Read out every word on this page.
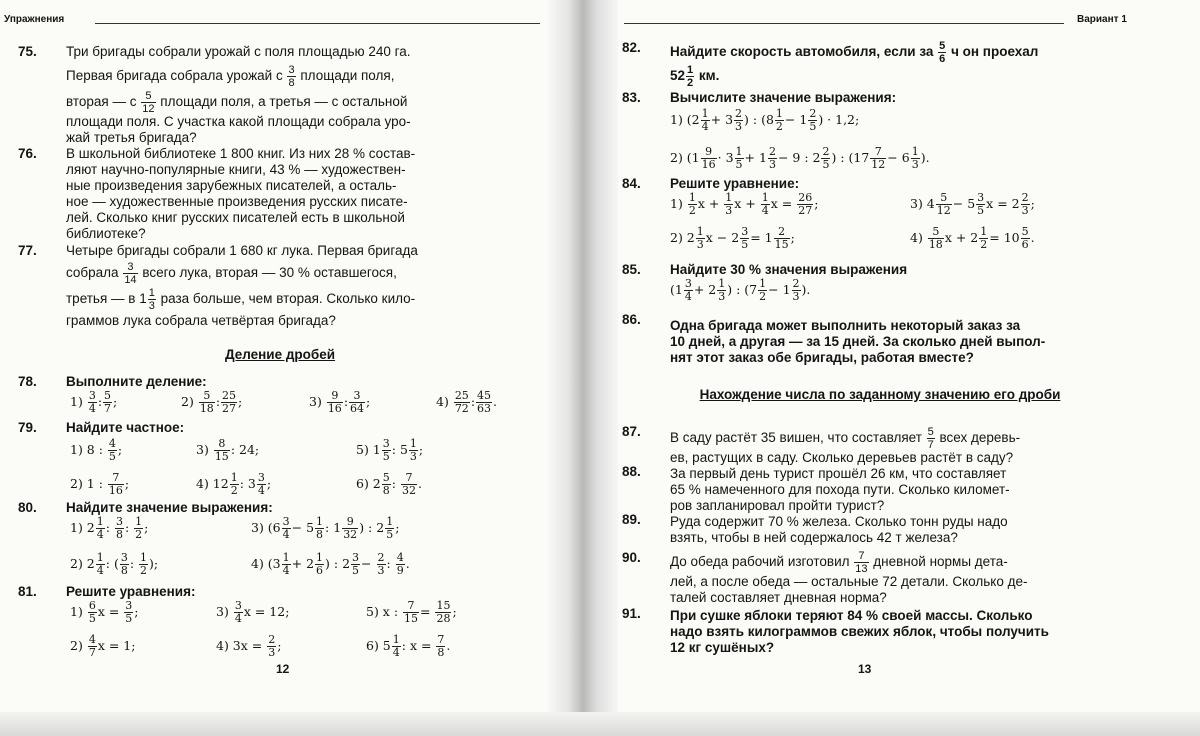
Упражнения
75. Три бригады собрали урожай с поля площадью 240 га.
Первая бригада собрала урожай с $\frac{3}{8}$ площади поля,
вторая — с $\frac{5}{12}$ площади поля, а третья — с остальной
площади поля. С участка какой площади собрала уро-
жай третья бригада?
76. В школьной библиотеке 1 800 книг. Из них 28 % состав-
ляют научно-популярные книги, 43 % — художествен-
ные произведения зарубежных писателей, а осталь-
ное — художественные произведения русских писате-
лей. Сколько книг русских писателей есть в школьной
библиотеке?
77. Четыре бригады собрали 1 680 кг лука. Первая бригада
собрала $\frac{3}{14}$ всего лука, вторая — 30 % оставшегося,
третья — в $1 \frac{1}{3}$ раза больше, чем вторая. Сколько кило-
граммов лука собрала четвёртая бригада?
Деление дробей
78. Выполните деление:
$1) \frac{3}{4}$ : $\frac{5}{7}$ ;	$2) \frac{5}{18}$ : $\frac{25}{27}$ ;	$3) \frac{9}{16}$ : $\frac{3}{64}$ ;	$4) \frac{25}{72}$ : $\frac{45}{63}$ .
79. Найдите частное:
1) 8 : $\frac{4}{5}$ ;	$3) \frac{8}{15}$ : 24;	5) $1 \frac{3}{5}$ : $5 \frac{1}{3}$ ;
2) 1 : $\frac{7}{16}$ ;	4) $12 \frac{1}{2}$ : $3 \frac{3}{4}$ ;	6) $2 \frac{5}{8}$ : $\frac{7}{32}$ .
80. Найдите значение выражения:
1) $2 \frac{1}{4}$ : $\frac{3}{8}$ : $\frac{1}{2}$ ;	3) ($6 \frac{3}{4} - 5 \frac{1}{8}$ : $1 \frac{9}{32}$ ) : $2 \frac{1}{5}$ ;
2) $2 \frac{1}{4}$ : ( $\frac{3}{8}$ : $\frac{1}{2}$ );	4) ($3 \frac{1}{4} + 2 \frac{1}{6}$ ) : $2 \frac{3}{5} - \frac{2}{3}$ : $\frac{4}{9}$ .
81. Решите уравнения:
$1) \frac{6}{5}$ $x = \frac{3}{5}$ ;	$3) \frac{3}{4}$ x = 12;	5) x : $\frac{7}{15} = \frac{15}{28}$ ;
$2) \frac{4}{7}$ x = 1;	4) $3x = \frac{2}{3}$ ;	6) $5 \frac{1}{4}$ : $x = \frac{7}{8}$ .
12
Вариант 1
82. Найдите скорость автомобиля, если за $\frac{5}{6}$ ч он проехал
$52 \frac{1}{2}$ км.
83. Вычислите значение выражения:
1) ($2 \frac{1}{4} + 3 \frac{2}{3}$ ) : ($8 \frac{1}{2} - 1 \frac{2}{5}$ ) · 1,2;
2) ($1 \frac{9}{16} \cdot 3 \frac{1}{5} + 1 \frac{2}{3} - 9$ : $2 \frac{2}{5}$ ) : ($17 \frac{7}{12} - 6 \frac{1}{3}$ ).
84. Решите уравнение:
$1) \frac{1}{2}$ $x + \frac{1}{3}$ $x + \frac{1}{4}$ $x = \frac{26}{27}$ ;	3) $4 \frac{5}{12} - 5 \frac{3}{5}$ $x = 2 \frac{2}{3}$ ;
2) $2 \frac{1}{3}$ $x - 2 \frac{3}{5} = 1 \frac{2}{15}$ ;	$4) \frac{5}{18}$ $x + 2 \frac{1}{2} = 10 \frac{5}{6}$ .
85. Найдите 30 % значения выражения
($1 \frac{3}{4} + 2 \frac{1}{3}$ ) : ($7 \frac{1}{2} - 1 \frac{2}{3}$ ).
86. Одна бригада может выполнить некоторый заказ за
10 дней, а другая — за 15 дней. За сколько дней выпол-
нят этот заказ обе бригады, работая вместе?
Нахождение числа по заданному значению его дроби
87. В саду растёт 35 вишен, что составляет $\frac{5}{7}$ всех деревь-
ев, растущих в саду. Сколько деревьев растёт в саду?
88. За первый день турист прошёл 26 км, что составляет
65 % намеченного для похода пути. Сколько километ-
ров запланировал пройти турист?
89. Руда содержит 70 % железа. Сколько тонн руды надо
взять, чтобы в ней содержалось 42 т железа?
90. До обеда рабочий изготовил $\frac{7}{13}$ дневной нормы дета-
лей, а после обеда — остальные 72 детали. Сколько де-
талей составляет дневная норма?
91. При сушке яблоки теряют 84 % своей массы. Сколько
надо взять килограммов свежих яблок, чтобы получить
12 кг сушёных?
13
